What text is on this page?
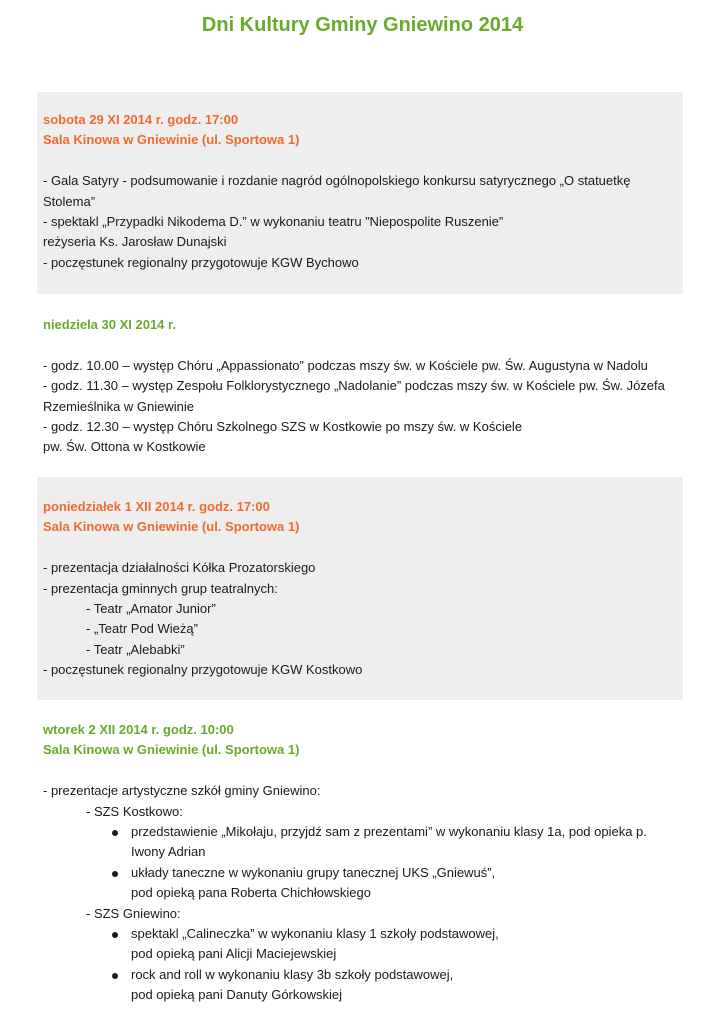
Dni Kultury Gminy Gniewino 2014

sobota 29 XI 2014 r. godz. 17:00

Sala Kinowa w Gniewinie (ul. Sportowa 1)

- Gala Satyry - podsumowanie i rozdanie nagród ogólnopolskiego konkursu satyrycznego „O statuetkę

Stolema”

- spektakl „Przypadki Nikodema D.” w wykonaniu teatru ”Niepospolite Ruszenie”

reżyseria Ks. Jarosław Dunajski

- poczęstunek regionalny przygotowuje KGW Bychowo

niedziela 30 XI 2014 r.

- godz. 10.00 – występ Chóru „Appassionato” podczas mszy św. w Kościele pw. Św. Augustyna w Nadolu

- godz. 11.30 – występ Zespołu Folklorystycznego „Nadolanie” podczas mszy św. w Kościele pw. Św. Józefa

Rzemieślnika w Gniewinie

- godz. 12.30 – występ Chóru Szkolnego SZS w Kostkowie po mszy św. w Kościele

pw. Św. Ottona w Kostkowie

poniedziałek 1 XII 2014 r. godz. 17:00

Sala Kinowa w Gniewinie (ul. Sportowa 1)

- prezentacja działalności Kółka Prozatorskiego

- prezentacja gminnych grup teatralnych:

- Teatr „Amator Junior”

- „Teatr Pod Wieżą”

- Teatr „Alebabki”

- poczęstunek regionalny przygotowuje KGW Kostkowo

wtorek 2 XII 2014 r. godz. 10:00

Sala Kinowa w Gniewinie (ul. Sportowa 1)

- prezentacje artystyczne szkół gminy Gniewino:

- SZS Kostkowo:

przedstawienie „Mikołaju, przyjdź sam z prezentami” w wykonaniu klasy 1a, pod opieka p.

Iwony Adrian

układy taneczne w wykonaniu grupy tanecznej UKS „Gniewuś”,

pod opieką pana Roberta Chichłowskiego

- SZS Gniewino:

spektakl „Calineczka” w wykonaniu klasy 1 szkoły podstawowej,

pod opieką pani Alicji Maciejewskiej

rock and roll w wykonaniu klasy 3b szkoły podstawowej,

pod opieką pani Danuty Górkowskiej
